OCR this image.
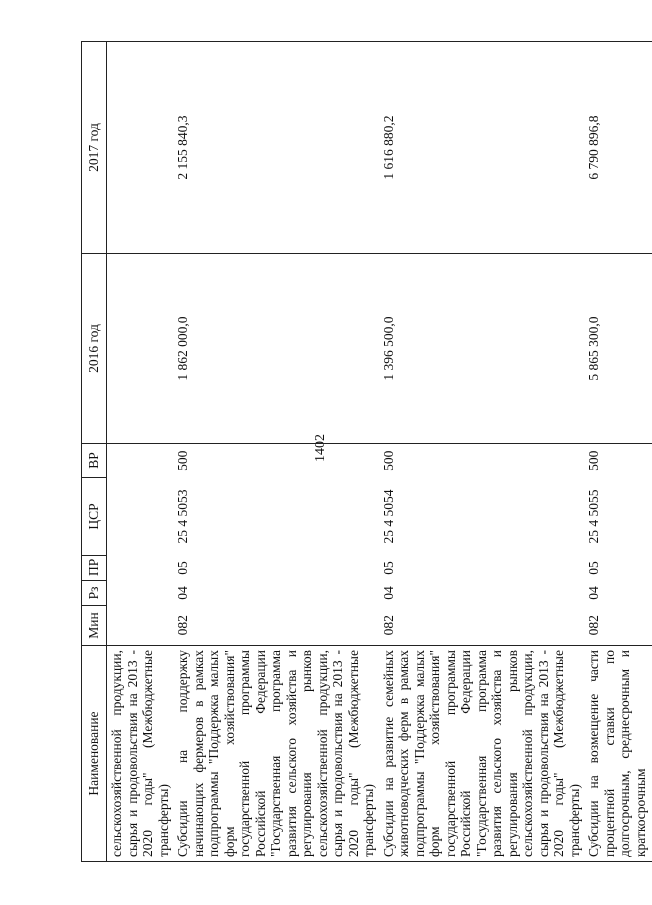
1402
Наименование	Мин	Рз	ПР	ЦСР	ВР	2016 год	2017 год
сельскохозяйственной продукции, сырья и продовольствия на 2013 - 2020 годы" (Межбюджетные трансферты)							
Субсидии на поддержку начинающих фермеров в рамках подпрограммы "Поддержка малых форм хозяйствования" государственной программы Российской Федерации "Государственная программа развития сельского хозяйства и регулирования рынков сельскохозяйственной продукции, сырья и продовольствия на 2013 - 2020 годы" (Межбюджетные трансферты)	082	04	05	25 4 5053	500	1 862 000,0	2 155 840,3
Субсидии на развитие семейных животноводческих ферм в рамках подпрограммы "Поддержка малых форм хозяйствования" государственной программы Российской Федерации "Государственная программа развития сельского хозяйства и регулирования рынков сельскохозяйственной продукции, сырья и продовольствия на 2013 - 2020 годы" (Межбюджетные трансферты)	082	04	05	25 4 5054	500	1 396 500,0	1 616 880,2
Субсидии на возмещение части процентной ставки по долгосрочным, среднесрочным и краткосрочным	082	04	05	25 4 5055	500	5 865 300,0	6 790 896,8
